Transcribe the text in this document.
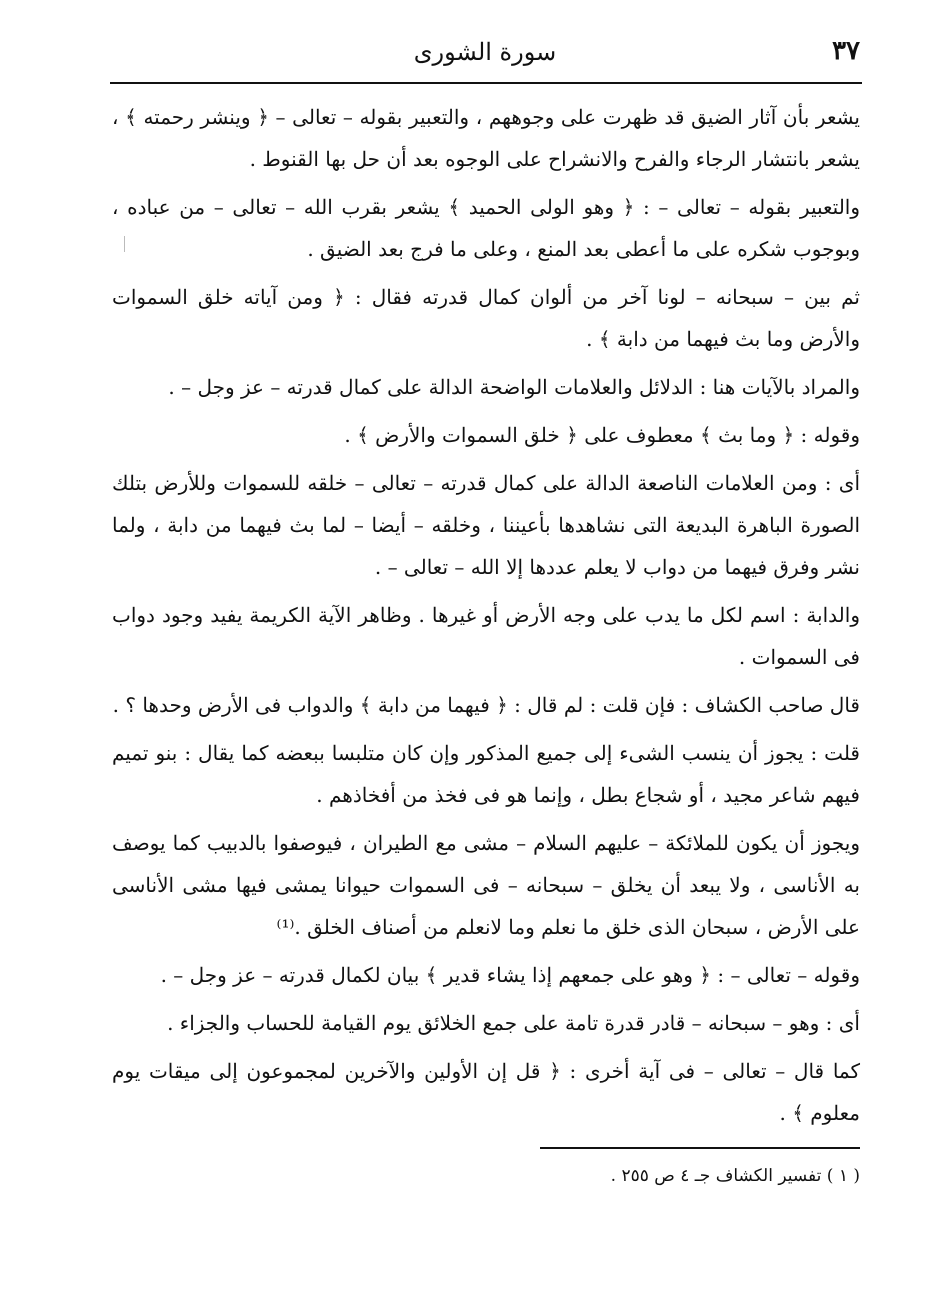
٣٧
سورة الشورى

يشعر بأن آثار الضيق قد ظهرت على وجوههم ، والتعبير بقوله – تعالى – ﴿ وينشر رحمته ﴾ ، يشعر بانتشار الرجاء والفرح والانشراح على الوجوه بعد أن حل بها القنوط .

والتعبير بقوله – تعالى – : ﴿ وهو الولى الحميد ﴾ يشعر بقرب الله – تعالى – من عباده ، وبوجوب شكره على ما أعطى بعد المنع ، وعلى ما فرج بعد الضيق .

ثم بين – سبحانه – لونا آخر من ألوان كمال قدرته فقال : ﴿ ومن آياته خلق السموات والأرض وما بث فيهما من دابة ﴾ .

والمراد بالآيات هنا : الدلائل والعلامات الواضحة الدالة على كمال قدرته – عز وجل – .

وقوله : ﴿ وما بث ﴾ معطوف على ﴿ خلق السموات والأرض ﴾ .

أى : ومن العلامات الناصعة الدالة على كمال قدرته – تعالى – خلقه للسموات وللأرض بتلك الصورة الباهرة البديعة التى نشاهدها بأعيننا ، وخلقه – أيضا – لما بث فيهما من دابة ، ولما نشر وفرق فيهما من دواب لا يعلم عددها إلا الله – تعالى – .

والدابة : اسم لكل ما يدب على وجه الأرض أو غيرها . وظاهر الآية الكريمة يفيد وجود دواب فى السموات .

قال صاحب الكشاف : فإن قلت : لم قال : ﴿ فيهما من دابة ﴾ والدواب فى الأرض وحدها ؟ .

قلت : يجوز أن ينسب الشىء إلى جميع المذكور وإن كان متلبسا ببعضه كما يقال : بنو تميم فيهم شاعر مجيد ، أو شجاع بطل ، وإنما هو فى فخذ من أفخاذهم .

ويجوز أن يكون للملائكة – عليهم السلام – مشى مع الطيران ، فيوصفوا بالدبيب كما يوصف به الأناسى ، ولا يبعد أن يخلق – سبحانه – فى السموات حيوانا يمشى فيها مشى الأناسى على الأرض ، سبحان الذى خلق ما نعلم وما لانعلم من أصناف الخلق .⁽¹⁾

وقوله – تعالى – : ﴿ وهو على جمعهم إذا يشاء قدير ﴾ بيان لكمال قدرته – عز وجل – .

أى : وهو – سبحانه – قادر قدرة تامة على جمع الخلائق يوم القيامة للحساب والجزاء .

كما قال – تعالى – فى آية أخرى : ﴿ قل إن الأولين والآخرين لمجموعون إلى ميقات يوم معلوم ﴾ .

( ١ ) تفسير الكشاف جـ ٤ ص ٢٥٥ .
